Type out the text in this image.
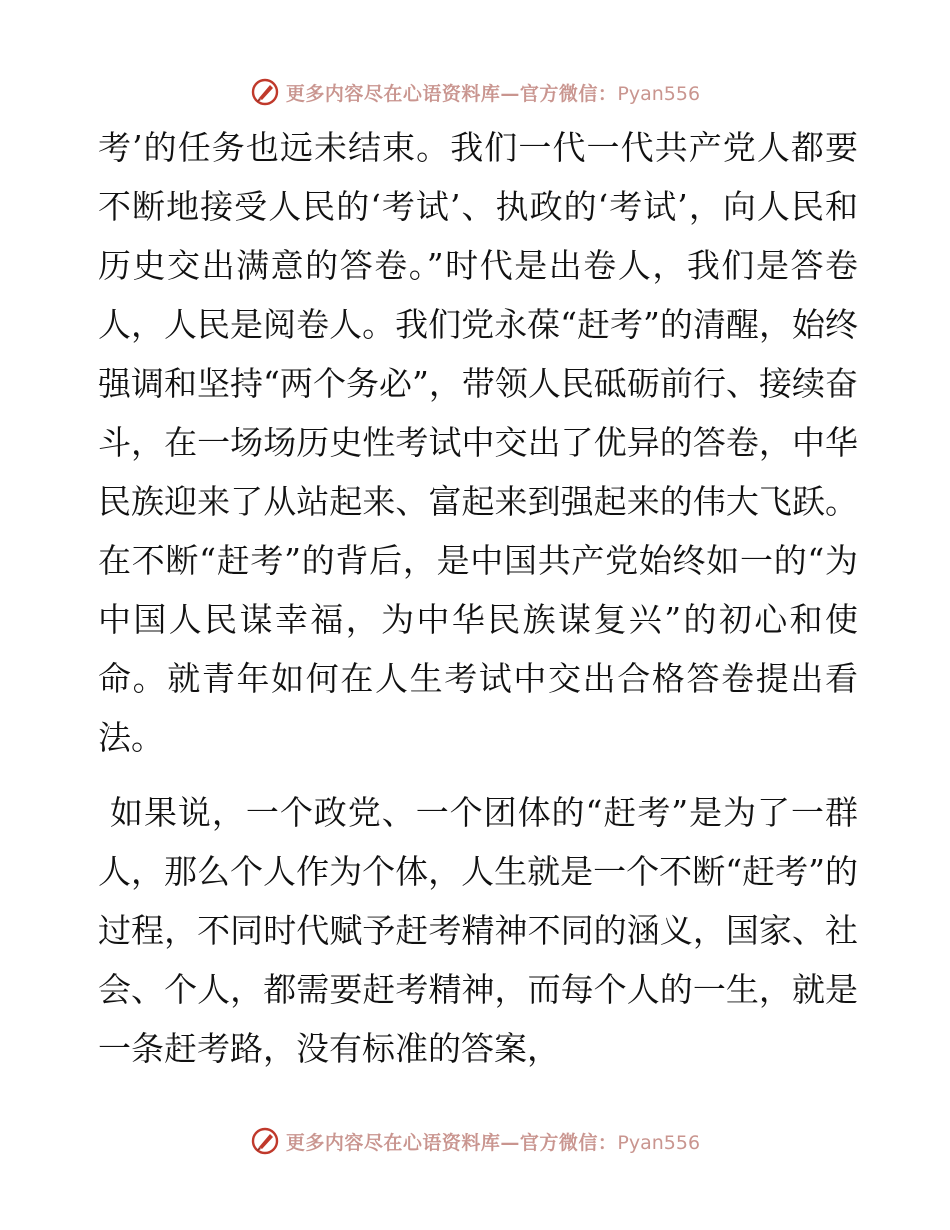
更多内容尽在心语资料库—官方微信：Pyan556

考’的任务也远未结束。我们一代一代共产党人都要不断地接受人民的‘考试’、执政的‘考试’，向人民和历史交出满意的答卷。”时代是出卷人，我们是答卷人，人民是阅卷人。我们党永葆“赶考”的清醒，始终强调和坚持“两个务必”，带领人民砥砺前行、接续奋斗，在一场场历史性考试中交出了优异的答卷，中华民族迎来了从站起来、富起来到强起来的伟大飞跃。在不断“赶考”的背后，是中国共产党始终如一的“为中国人民谋幸福，为中华民族谋复兴”的初心和使命。就青年如何在人生考试中交出合格答卷提出看法。

如果说，一个政党、一个团体的“赶考”是为了一群人，那么个人作为个体，人生就是一个不断“赶考”的过程，不同时代赋予赶考精神不同的涵义，国家、社会、个人，都需要赶考精神，而每个人的一生，就是一条赶考路，没有标准的答案，

更多内容尽在心语资料库—官方微信：Pyan556
